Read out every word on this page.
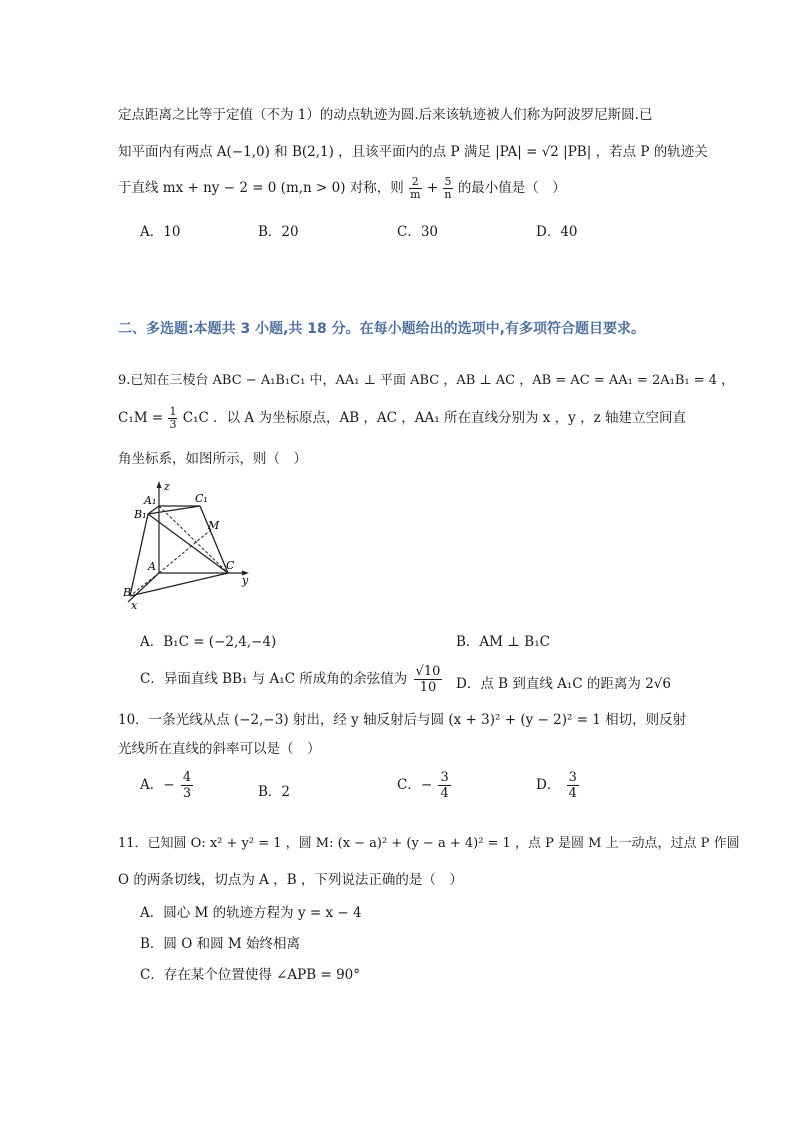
定点距离之比等于定值（不为 1）的动点轨迹为圆.后来该轨迹被人们称为阿波罗尼斯圆.已
知平面内有两点 A(−1,0) 和 B(2,1) ，且该平面内的点 P 满足 |PA| = √2 |PB| ，若点 P 的轨迹关
于直线 mx + ny − 2 = 0 (m,n > 0) 对称，则 $\frac{2}{m} + \frac{5}{n}$ 的最小值是（　）
A．10	B．20	C．30	D．40
二、多选题:本题共 3 小题,共 18 分。在每小题给出的选项中,有多项符合题目要求。
9.已知在三棱台 ABC − A₁B₁C₁ 中，AA₁ ⊥ 平面 ABC ，AB ⊥ AC ，AB = AC = AA₁ = 2A₁B₁ = 4 ，
$C_1M = \frac{1}{3} C_1C$ ．以 A 为坐标原点，AB ，AC ，AA₁ 所在直线分别为 x ，y ，z 轴建立空间直
角坐标系，如图所示，则（　）
z
A₁	C₁
B₁
M
A	C
y
B
x
A．B₁C = (−2,4,−4)	B．AM ⊥ B₁C
C．异面直线 BB₁ 与 A₁C 所成角的余弦值为 $\frac{√10}{10}$ D．点 B 到直线 A₁C 的距离为 2√6
10．一条光线从点 (−2,−3) 射出，经 y 轴反射后与圆 (x + 3)² + (y − 2)² = 1 相切，则反射
光线所在直线的斜率可以是（　）
A．− $\frac{4}{3}$	B．2	C．− $\frac{3}{4}$	D． $\frac{3}{4}$
11．已知圆 O: x² + y² = 1 ，圆 M: (x − a)² + (y − a + 4)² = 1 ，点 P 是圆 M 上一动点，过点 P 作圆
O 的两条切线，切点为 A ，B ，下列说法正确的是（　）
A．圆心 M 的轨迹方程为 y = x − 4
B．圆 O 和圆 M 始终相离
C．存在某个位置使得 ∠APB = 90°
